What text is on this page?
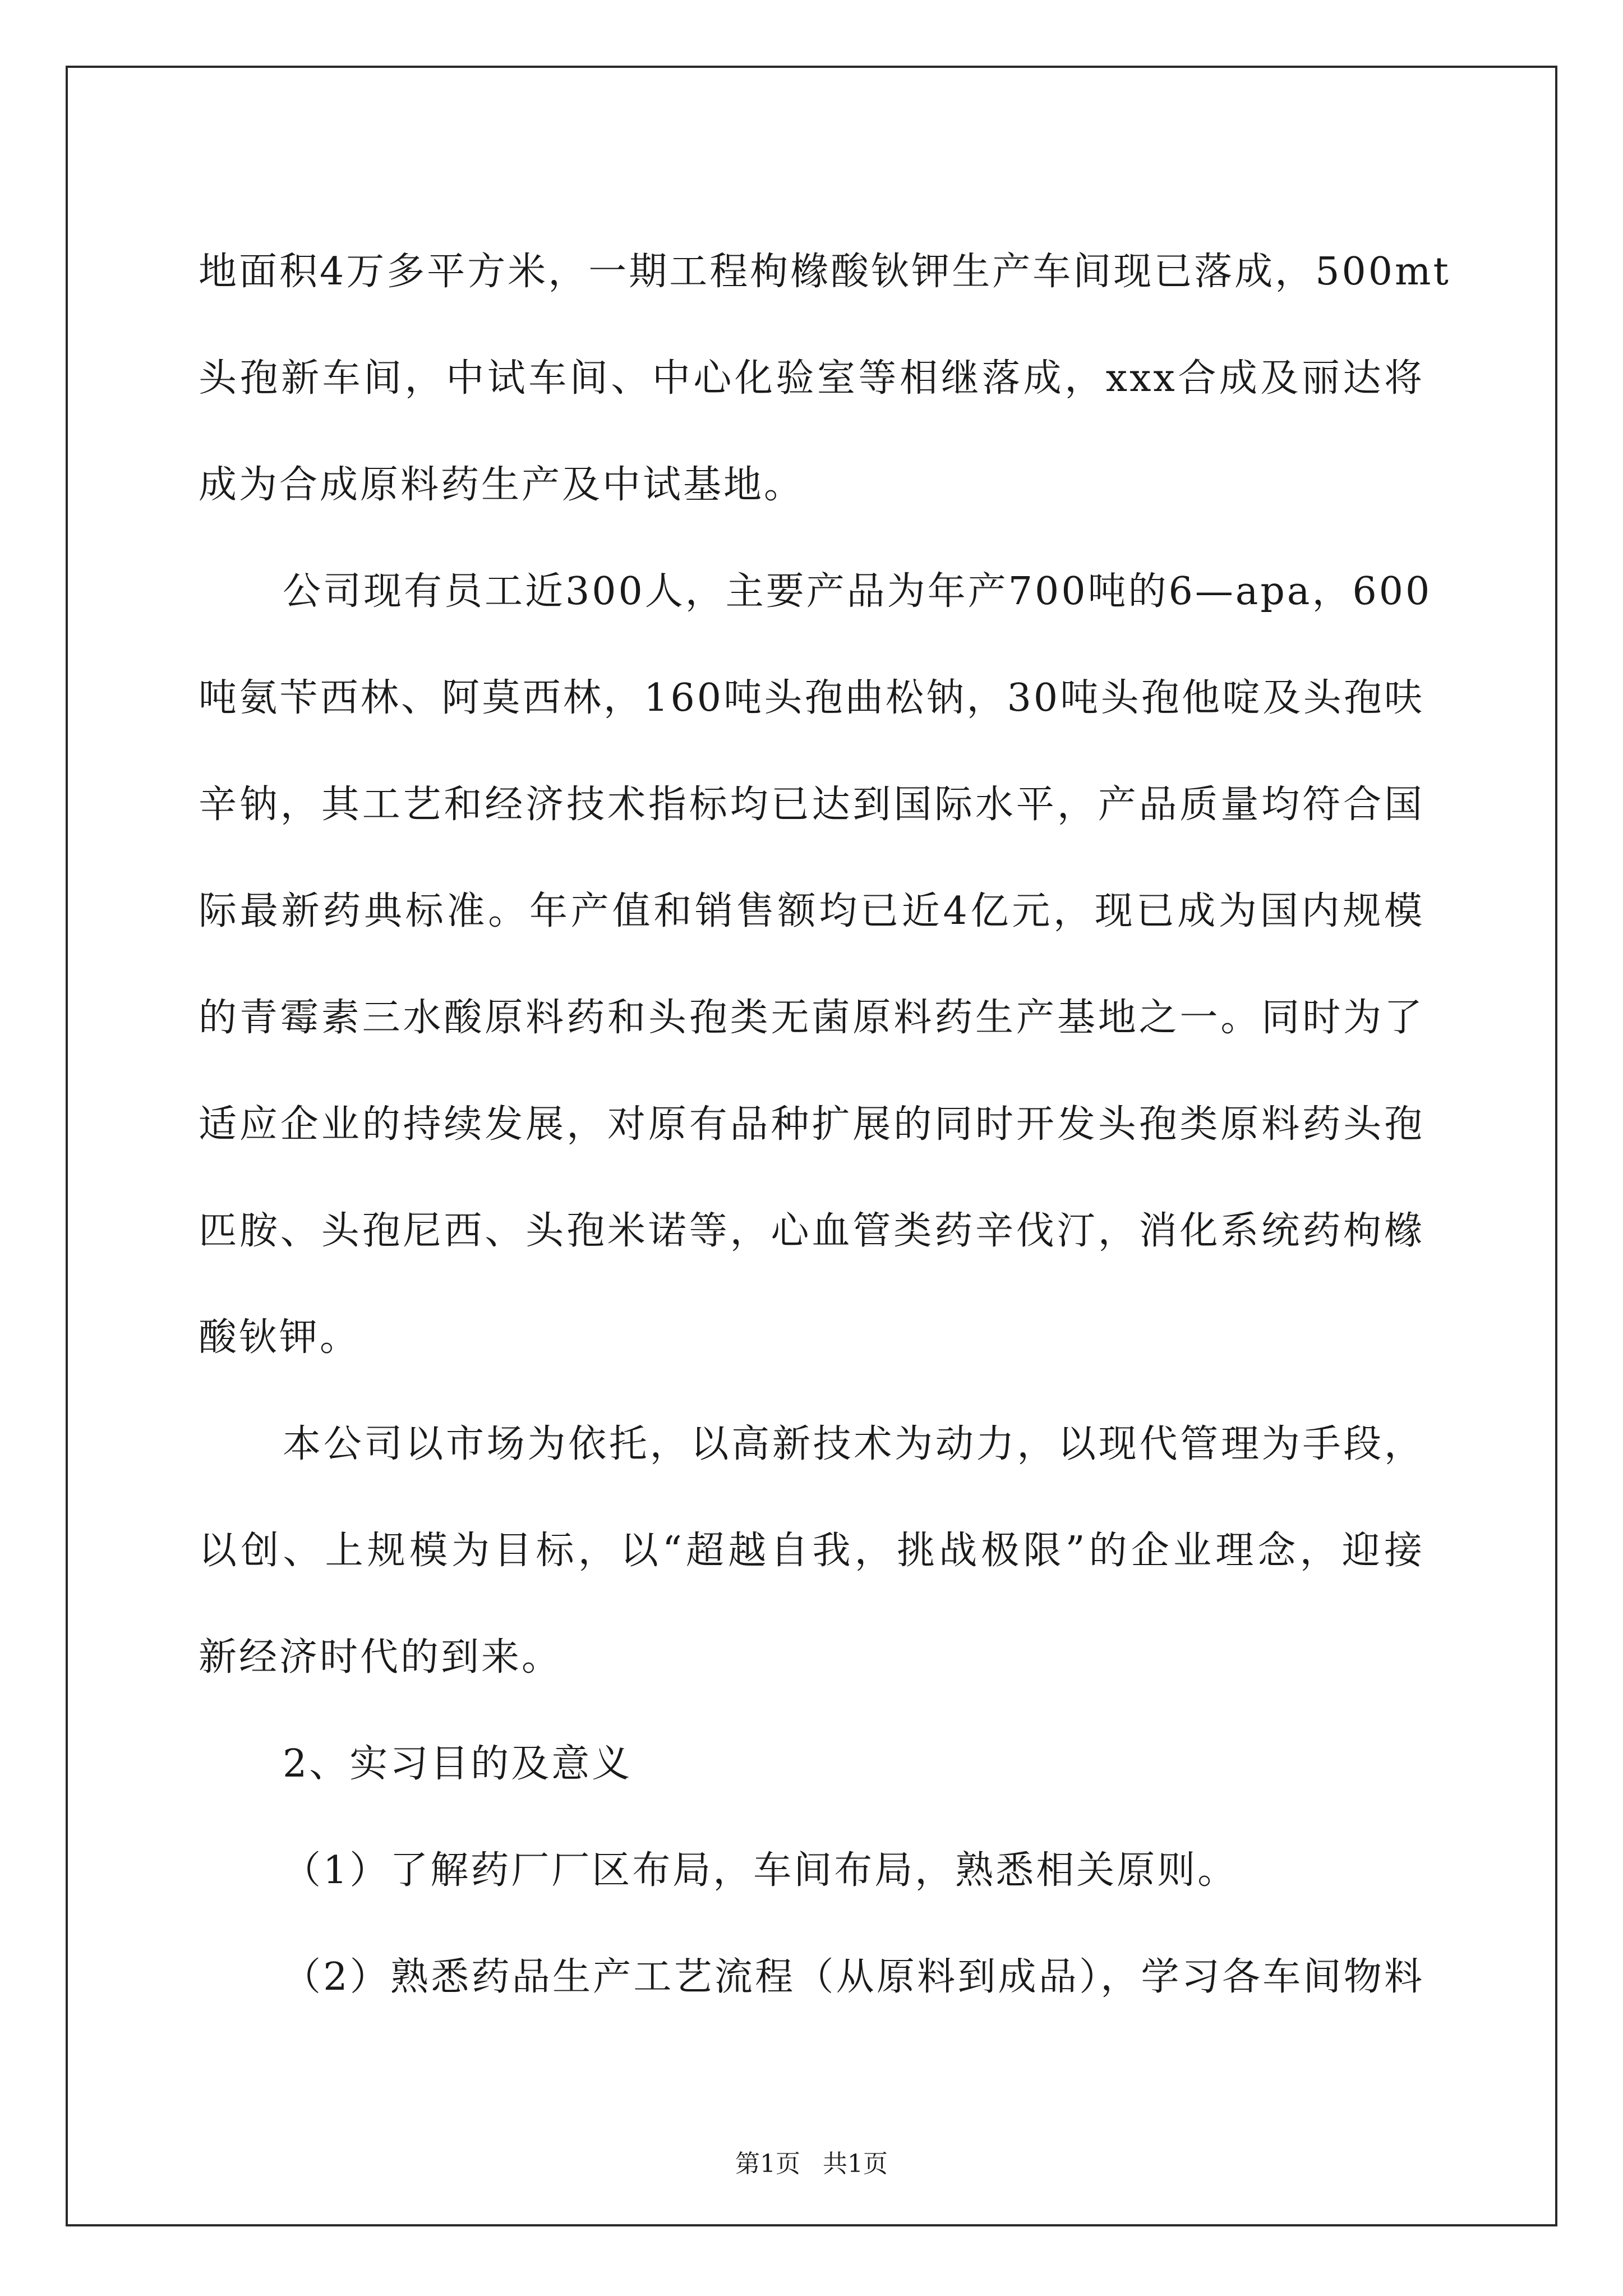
地面积4万多平方米，一期工程枸橼酸钬钾生产车间现已落成，500mt
头孢新车间，中试车间、中心化验室等相继落成，xxx合成及丽达将
成为合成原料药生产及中试基地。
公司现有员工近300人，主要产品为年产700吨的6—apa，600
吨氨苄西林、阿莫西林，160吨头孢曲松钠，30吨头孢他啶及头孢呋
辛钠，其工艺和经济技术指标均已达到国际水平，产品质量均符合国
际最新药典标准。年产值和销售额均已近4亿元，现已成为国内规模
的青霉素三水酸原料药和头孢类无菌原料药生产基地之一。同时为了
适应企业的持续发展，对原有品种扩展的同时开发头孢类原料药头孢
匹胺、头孢尼西、头孢米诺等，心血管类药辛伐汀，消化系统药枸橼
酸钬钾。
本公司以市场为依托，以高新技术为动力，以现代管理为手段，
以创、上规模为目标，以“超越自我，挑战极限”的企业理念，迎接
新经济时代的到来。
2、实习目的及意义
（1）了解药厂厂区布局，车间布局，熟悉相关原则。
（2）熟悉药品生产工艺流程（从原料到成品），学习各车间物料
第1页 共1页
